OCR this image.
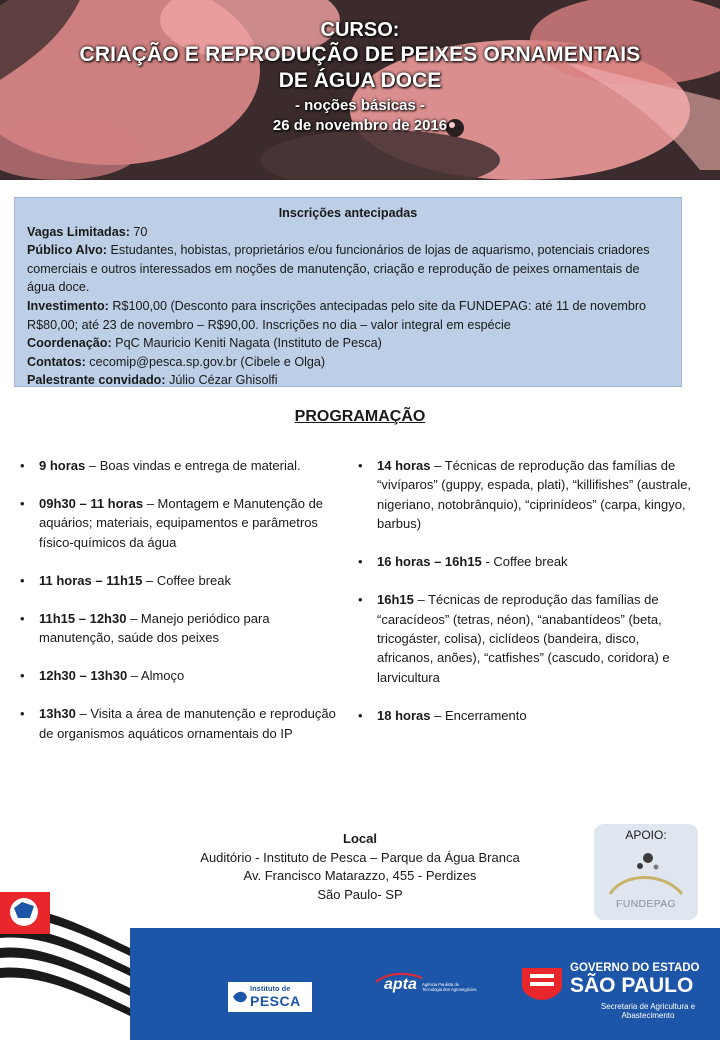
CURSO:
CRIAÇÃO E REPRODUÇÃO DE PEIXES ORNAMENTAIS
DE ÁGUA DOCE
- noções básicas -
26 de novembro de 2016
Inscrições antecipadas
Vagas Limitadas: 70
Público Alvo: Estudantes, hobistas, proprietários e/ou funcionários de lojas de aquarismo, potenciais criadores comerciais e outros interessados em noções de manutenção, criação e reprodução de peixes ornamentais de água doce.
Investimento: R$100,00 (Desconto para inscrições antecipadas pelo site da FUNDEPAG: até 11 de novembro R$80,00; até 23 de novembro – R$90,00. Inscrições no dia – valor integral em espécie
Coordenação: PqC Mauricio Keniti Nagata (Instituto de Pesca)
Contatos: cecomip@pesca.sp.gov.br (Cibele e Olga)
Palestrante convidado: Júlio Cézar Ghisolfi
PROGRAMAÇÃO
• 9 horas – Boas vindas e entrega de material.
• 09h30 – 11 horas – Montagem e Manutenção de aquários; materiais, equipamentos e parâmetros físico-químicos da água
• 11 horas – 11h15 – Coffee break
• 11h15 – 12h30 – Manejo periódico para manutenção, saúde dos peixes
• 12h30 – 13h30 – Almoço
• 13h30 – Visita a área de manutenção e reprodução de organismos aquáticos ornamentais do IP
• 14 horas – Técnicas de reprodução das famílias de “vivíparos” (guppy, espada, plati), “killifishes” (australe, nigeriano, notobrânquio), “ciprinídeos” (carpa, kingyo, barbus)
• 16 horas – 16h15 - Coffee break
• 16h15 – Técnicas de reprodução das famílias de “caracídeos” (tetras, néon), “anabantídeos” (beta, tricogáster, colisa), ciclídeos (bandeira, disco, africanos, anões), “catfishes” (cascudo, coridora) e larvicultura
• 18 horas – Encerramento
Local
Auditório - Instituto de Pesca – Parque da Água Branca
Av. Francisco Matarazzo, 455 - Perdizes
São Paulo- SP
APOIO:
FUNDEPAG
Instituto de
PESCA
apta Agência Paulista de Tecnologia dos Agronegócios
GOVERNO DO ESTADO
SÃO PAULO
Secretaria de Agricultura e Abastecimento
